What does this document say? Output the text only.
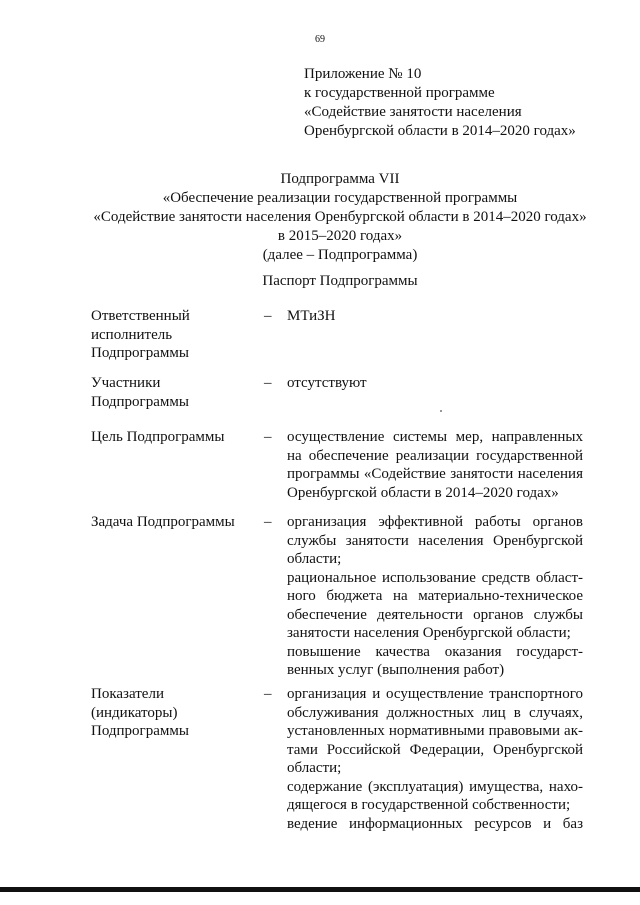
69
Приложение № 10
к государственной программе
«Содействие занятости населения
Оренбургской области в 2014–2020 годах»
Подпрограмма VII
«Обеспечение реализации государственной программы
«Содействие занятости населения Оренбургской области в 2014–2020 годах»
в 2015–2020 годах»
(далее – Подпрограмма)
Паспорт Подпрограммы
Ответственный
исполнитель
Подпрограммы
– МТиЗН
Участники
Подпрограммы
– отсутствуют
Цель Подпрограммы	– осуществление системы мер, направленных
на обеспечение реализации государственной
программы «Содействие занятости населения
Оренбургской области в 2014–2020 годах»
Задача Подпрограммы	– организация эффективной работы органов
службы занятости населения Оренбургской
области;
рациональное использование средств област-
ного бюджета на материально-техническое
обеспечение деятельности органов службы
занятости населения Оренбургской области;
повышение качества оказания государст-
венных услуг (выполнения работ)
Показатели
(индикаторы)
Подпрограммы
– организация и осуществление транспортного
обслуживания должностных лиц в случаях,
установленных нормативными правовыми ак-
тами Российской Федерации, Оренбургской
области;
содержание (эксплуатация) имущества, нахо-
дящегося в государственной собственности;
ведение информационных ресурсов и баз
